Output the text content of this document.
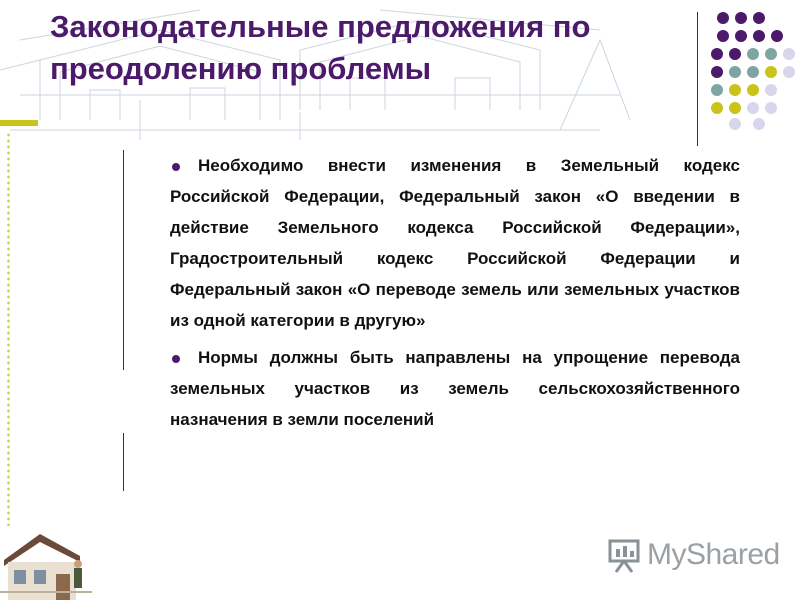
Законодательные предложения по
преодолению проблемы
Необходимо внести изменения в Земельный кодекс Российской Федерации, Федеральный закон «О введении в действие Земельного кодекса Российской Федерации», Градостроительный кодекс Российской Федерации и Федеральный закон «О переводе земель или земельных участков из одной категории в другую»
Нормы должны быть направлены на упрощение перевода земельных участков из земель сельскохозяйственного назначения в земли поселений
MyShared
